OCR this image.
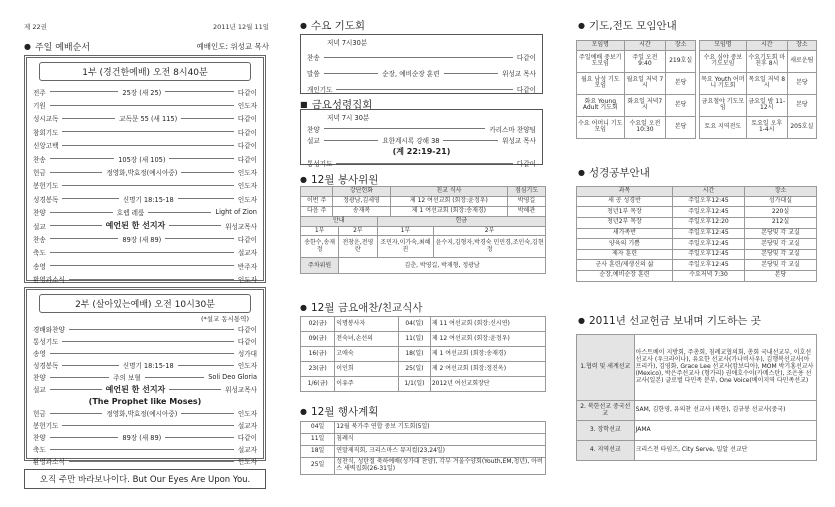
제 22권	2011년 12월 11일
● 주일 예배순서	예배인도: 위성교 목사
1부 (경건한예배) 오전 8시40분
전주	25장 (새 25)	다같이
기원	인도자
성시교독	교독문 55 (새 115)	다같이
참회기도	다같이
신앙고백	다같이
찬송	105장 (새 105)	다같이
헌금	정영화,박효정(예시아중)	인도자
봉헌기도	인도자
성경봉독	신명기 18:15-18	인도자
찬양	호렙 레룸	Light of Zion
설교	예언된 한 선지자	위성교목사
찬송	89장 (새 89)	다같이
축도	설교자
송영	반주자
환영과소식	인도자
2부 (살아있는예배) 오전 10시30분
(*설교 동시통역)
경배와찬양	다같이
통성기도	다같이
송영	성가대
성경봉독	신명기 18:15-18	인도자
찬양	주의 보혈	Soli Deo Gloria
설교	예언된 한 선지자	위성교목사
(The Prophet like Moses)
헌금	정영화,박효정(예시아중)	인도자
봉헌기도	설교자
찬양	89장 (새 89)	다같이
축도	설교자
환영과소식	인도자
오직 주만 바라보나이다. But Our Eyes Are Upon You.
● 수요 기도회
저녁 7시30분
찬송	다같이
말씀	순장, 예비순장 훈련	위성교 목사
개인기도	다같이
■ 금요성령집회
저녁 7시 30분
찬양	카리스마 찬양팀
설교	요한계시록 강해 38	위성교 목사
(계 22:19-21)
통성기도	다같이
● 12월 봉사위원
	강단헌화	친교 식사	점심기도
이번 주	정광남,김세영	제 12 여선교회 (회장:윤정우)	박영길
다음 주	송재복	제 1 여선교회 (회장:송재경)	박해관
안내		헌금	
1부	2부	1부	2부
송한수,송재정	전창운,전영란	조민자,이가숙,최혜진	윤수지,김형자,박경숙 민민경,조인숙,김현정
주차위원	김춘, 박영길, 박재형, 정광남		
● 12월 금요애찬/친교식사
02(금)	익명봉사자	04(일)	제 11 여선교회 (회장:신시연)
09(금)	전숙녀,손선의	11(일)	제 12 여선교회 (회장:윤정우)
16(금)	고애숙	18(일)	제 1 여선교회 (회장:송재경)
23(금)	이인희	25(일)	제 2 여선교회 (회장:정진옥)
1/6(금)	이유주	1/1(일)	2012년 여선교회장단
● 12월 행사계획
04일	12월 북가주 연합 중보 기도회(5일)
11일	침례식
18일	연말제직회, 크리스마스 뮤지컬(23,24일)
25일	성찬식, 성탄절 축하예배(성가대 찬양), 각부 겨울수양회(Youth,EM,청년), 아버스 새벽집회(26-31일)
● 기도,전도 모임안내
모임명	시간	장소
주일예배 중보기도모임	주일 오전 9:40	219호실
월요 남성 기도 모임	월요일 저녁 7시	본당
화요 Young Adult 기도회	화요일 저녁7시	본당
수요 어머니 기도 모임	수요일 오전 10:30	본당
모임명	시간	장소
수요 심야 중보기도모임	수요기도회 마친후 8시	새로운팀
목요 Youth 어머니 기도회	목요일 저녁 8시	본당
금요철야 기도모임	금요일 밤 11-12시	본당
토요 지역전도	토요일 오후 1-4시	205호실
● 성경공부안내
과목	시간	장소
새 공 성경반	주일오후12:45	성가대실
청년1부 목장	주일오후12:45	220실
청년2부 목장	주일오후12:20	212실
새가족반	주일오후12:45	본당및 각 교실
양육의 기쁨	주일오후12:45	본당및 각 교실
제자 훈련	주일오후12:45	본당및 각 교실
군사 훈련/제생신의 삶	주일오후12:45	본당및 각 교실
순장,예비순장 훈련	수요저녁 7:30	본당
● 2011년 선교헌금 보내며 기도하는 곳
1.협력 및 세계선교	아스트베이 지방회, 주총회, 침례교협의회, 총회 국내선교부, 이호선선교사 (우크라이나), 유요한 선교사(가나비사우), 김행복선교사(아프리카), 김영화, Grace Lee 선교사(캄보디아), MOM 박기홍선교사 (Mexico), 박은주선교사 (헝가리) 권애호수이(카메스탄), 조은용 선교사(일본) 글로벌 다민족 분부, One Voice(베이지역 다민족선교)
2. 북한선교 중국선교	SAM, 김한영, 유의찬 선교사 (북한), 김규봉 선교사(중국)
3. 장학선교	JAMA
4. 지역선교	크리스천 타임즈, City Serve, 밀알 선교단
